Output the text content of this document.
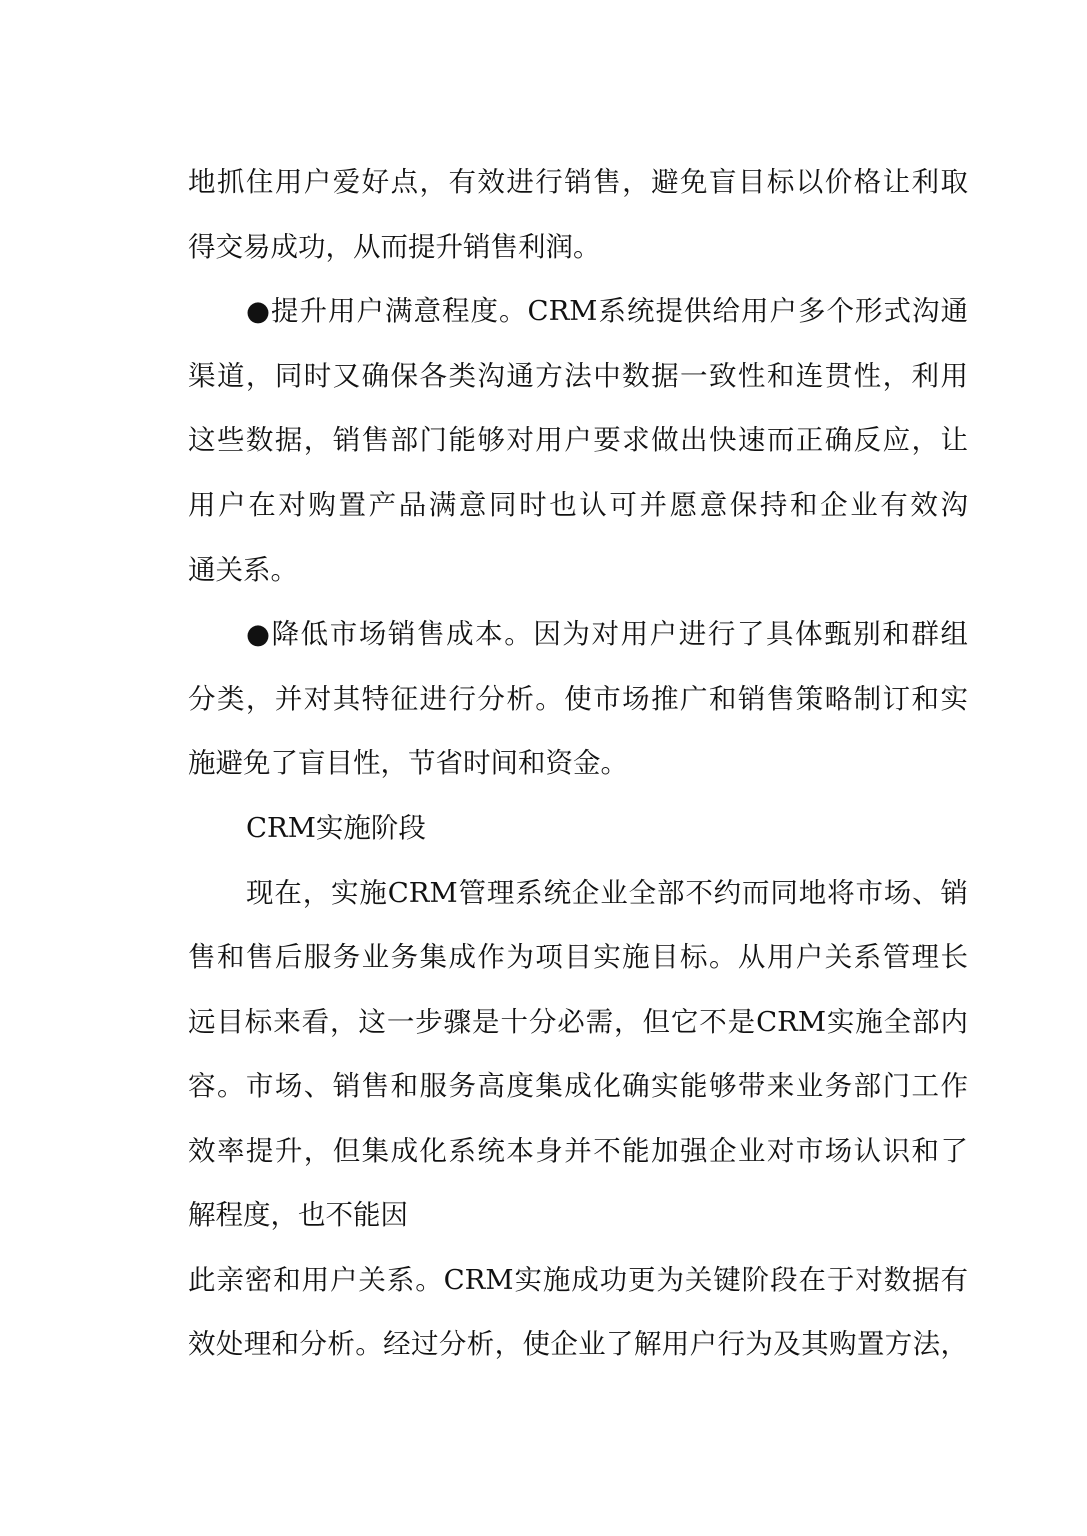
地抓住用户爱好点，有效进行销售，避免盲目标以价格让利取
得交易成功，从而提升销售利润。
●提升用户满意程度。CRM系统提供给用户多个形式沟通
渠道，同时又确保各类沟通方法中数据一致性和连贯性，利用
这些数据，销售部门能够对用户要求做出快速而正确反应，让
用户在对购置产品满意同时也认可并愿意保持和企业有效沟
通关系。
●降低市场销售成本。因为对用户进行了具体甄别和群组
分类，并对其特征进行分析。使市场推广和销售策略制订和实
施避免了盲目性，节省时间和资金。
CRM实施阶段
现在，实施CRM管理系统企业全部不约而同地将市场、销
售和售后服务业务集成作为项目实施目标。从用户关系管理长
远目标来看，这一步骤是十分必需，但它不是CRM实施全部内
容。市场、销售和服务高度集成化确实能够带来业务部门工作
效率提升，但集成化系统本身并不能加强企业对市场认识和了
解程度，也不能因
此亲密和用户关系。CRM实施成功更为关键阶段在于对数据有
效处理和分析。经过分析，使企业了解用户行为及其购置方法，
